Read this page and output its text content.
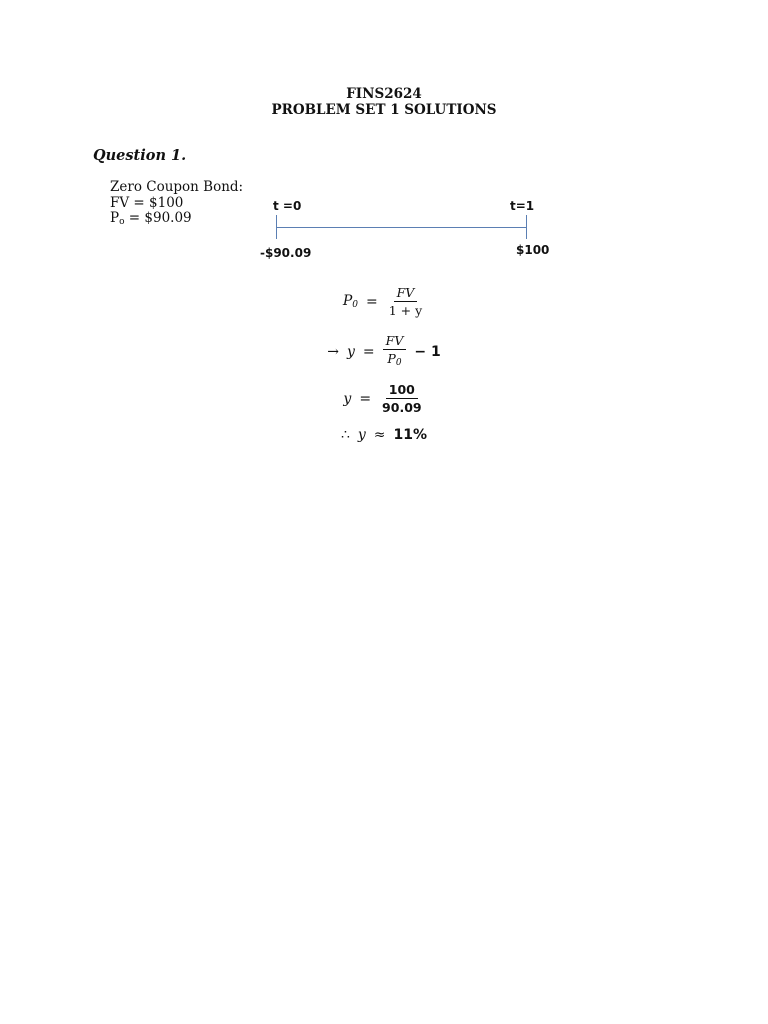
FINS2624
PROBLEM SET 1 SOLUTIONS
Question 1.
Zero Coupon Bond:
FV = $100
$P_o$ = $90.09
t =0	t=1
-$90.09	$100
$P_0 = \frac{FV}{1 + y}$
→ $y = \frac{FV}{P_0} - 1$
$y = \frac{100}{90.09}$
∴ y ≈ 11%
